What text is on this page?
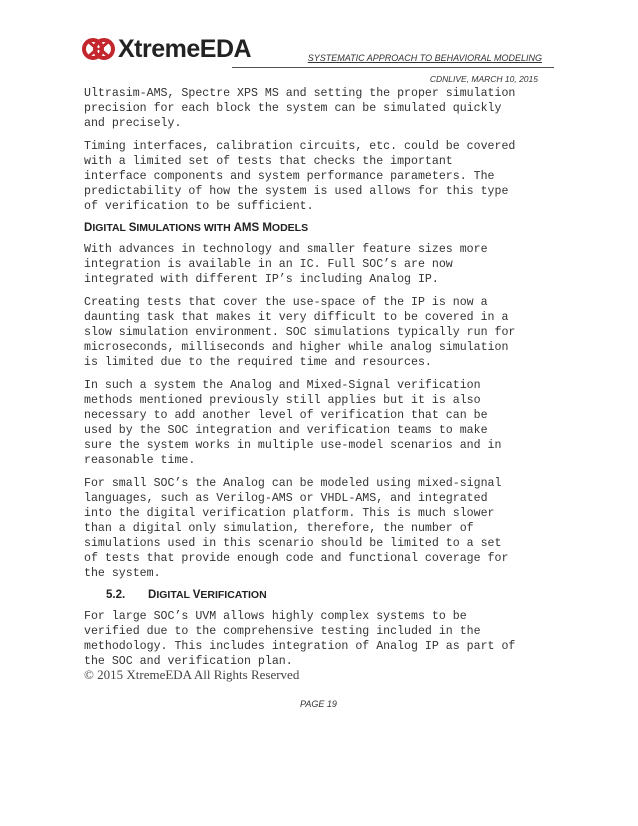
XtremeEDA	SYSTEMATIC APPROACH TO BEHAVIORAL MODELING
CDNLIVE, MARCH 10, 2015

Ultrasim-AMS, Spectre XPS MS and setting the proper simulation
precision for each block the system can be simulated quickly
and precisely.

Timing interfaces, calibration circuits, etc. could be covered
with a limited set of tests that checks the important
interface components and system performance parameters. The
predictability of how the system is used allows for this type
of verification to be sufficient.

DIGITAL SIMULATIONS WITH AMS MODELS

With advances in technology and smaller feature sizes more
integration is available in an IC. Full SOC’s are now
integrated with different IP’s including Analog IP.

Creating tests that cover the use-space of the IP is now a
daunting task that makes it very difficult to be covered in a
slow simulation environment. SOC simulations typically run for
microseconds, milliseconds and higher while analog simulation
is limited due to the required time and resources.

In such a system the Analog and Mixed-Signal verification
methods mentioned previously still applies but it is also
necessary to add another level of verification that can be
used by the SOC integration and verification teams to make
sure the system works in multiple use-model scenarios and in
reasonable time.

For small SOC’s the Analog can be modeled using mixed-signal
languages, such as Verilog-AMS or VHDL-AMS, and integrated
into the digital verification platform. This is much slower
than a digital only simulation, therefore, the number of
simulations used in this scenario should be limited to a set
of tests that provide enough code and functional coverage for
the system.

5.2. DIGITAL VERIFICATION

For large SOC’s UVM allows highly complex systems to be
verified due to the comprehensive testing included in the
methodology. This includes integration of Analog IP as part of
the SOC and verification plan.

© 2015 XtremeEDA All Rights Reserved
PAGE 19
